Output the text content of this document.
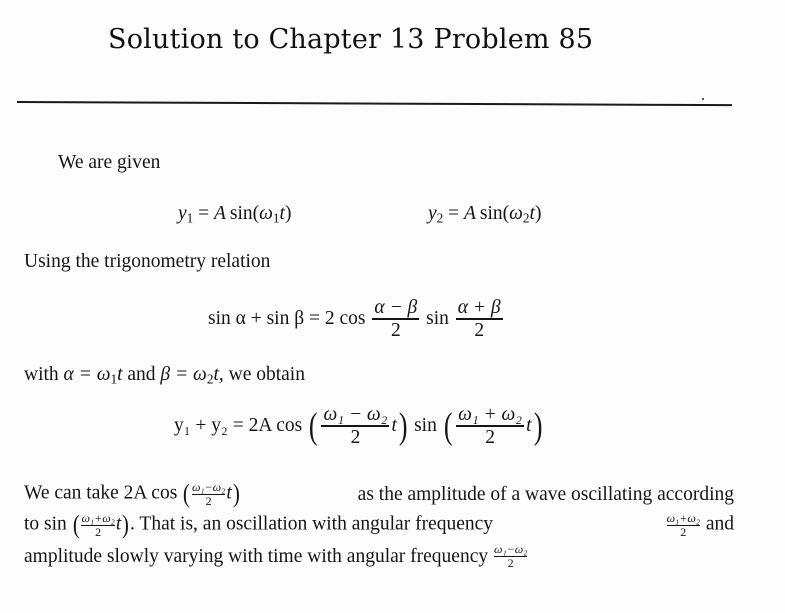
Solution to Chapter 13 Problem 85
We are given
$y_1 = A$  $\sin(\omega_1t)$	$y_2 = A$  $\sin(\omega_2t)$
Using the trigonometry relation
sin α + sin β = 2 $\cos \frac{\alpha - \beta}{2}$ $\sin \frac{\alpha + \beta}{2}$
with $\alpha = \omega_1t$ and $\beta = \omega_2t$, we obtain
y₁ + y₂ = 2A cos ( $\frac{\text{ω₁ − ω₂}}{2} t$) sin ( $\frac{\text{ω₁ + ω₂}}{2} t$)
We can take 2A cos ( $\frac{\text{ω₁−ω₂}}{2} t$)	as the amplitude of a wave oscillating according
to sin ( $\frac{\text{ω₁+ω₂}}{2} t$). That is, an oscillation with angular frequency	$\frac{\text{ω₁+ω₂}}{2}$ and
amplitude slowly varying with time with angular frequency
$\frac{\text{ω₁−ω₂}}{2}$
